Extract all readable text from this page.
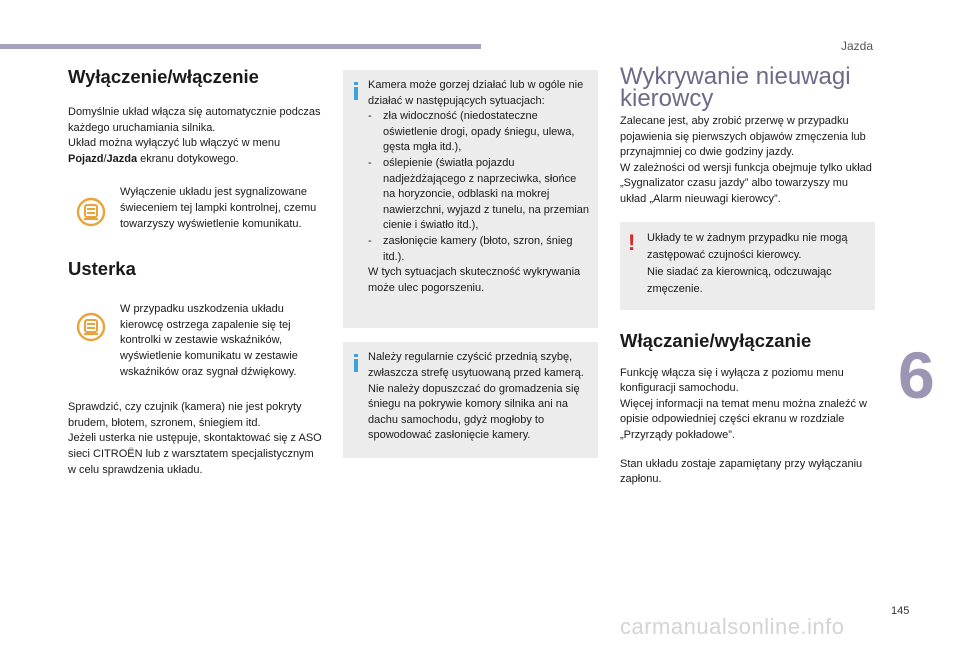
Jazda
6
145
carmanualsonline.info
Wyłączenie/włączenie

Domyślnie układ włącza się automatycznie podczas każdego uruchamiania silnika.

Układ można wyłączyć lub włączyć w menu Pojazd/Jazda ekranu dotykowego.

Wyłączenie układu jest sygnalizowane świeceniem tej lampki kontrolnej, czemu towarzyszy wyświetlenie komunikatu.

Usterka

W przypadku uszkodzenia układu kierowcę ostrzega zapalenie się tej kontrolki w zestawie wskaźników, wyświetlenie komunikatu w zestawie wskaźników oraz sygnał dźwiękowy.

Sprawdzić, czy czujnik (kamera) nie jest pokryty brudem, błotem, szronem, śniegiem itd.

Jeżeli usterka nie ustępuje, skontaktować się z ASO sieci CITROËN lub z warsztatem specjalistycznym w celu sprawdzenia układu.

Kamera może gorzej działać lub w ogóle nie działać w następujących sytuacjach:
- zła widoczność (niedostateczne oświetlenie drogi, opady śniegu, ulewa, gęsta mgła itd.),
- oślepienie (światła pojazdu nadjeżdżającego z naprzeciwka, słońce na horyzoncie, odblaski na mokrej nawierzchni, wyjazd z tunelu, na przemian cienie i światło itd.),
- zasłonięcie kamery (błoto, szron, śnieg itd.).
W tych sytuacjach skuteczność wykrywania może ulec pogorszeniu.
Należy regularnie czyścić przednią szybę, zwłaszcza strefę usytuowaną przed kamerą.
Nie należy dopuszczać do gromadzenia się śniegu na pokrywie komory silnika ani na dachu samochodu, gdyż mogłoby to spowodować zasłonięcie kamery.
Wykrywanie nieuwagi kierowcy

Zalecane jest, aby zrobić przerwę w przypadku pojawienia się pierwszych objawów zmęczenia lub przynajmniej co dwie godziny jazdy.

W zależności od wersji funkcja obejmuje tylko układ „Sygnalizator czasu jazdy” albo towarzyszy mu układ „Alarm nieuwagi kierowcy”.

! Układy te w żadnym przypadku nie mogą zastępować czujności kierowcy.
Nie siadać za kierownicą, odczuwając zmęczenie.
Włączanie/wyłączanie

Funkcję włącza się i wyłącza z poziomu menu konfiguracji samochodu.

Więcej informacji na temat menu można znaleźć w opisie odpowiedniej części ekranu w rozdziale „Przyrządy pokładowe”.

Stan układu zostaje zapamiętany przy wyłączaniu zapłonu.
